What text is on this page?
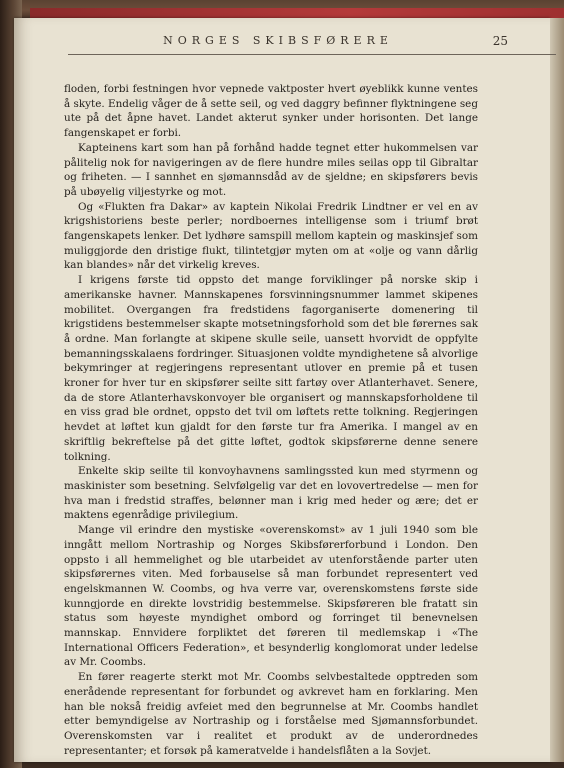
NORGES SKIBSFØRERE	25

floden, forbi festningen hvor vepnede vaktposter hvert øyeblikk kunne ventes å skyte. Endelig våger de å sette seil, og ved daggry befinner flyktningene seg ute på det åpne havet. Landet akterut synker under horisonten. Det lange fangenskapet er forbi.

Kapteinens kart som han på forhånd hadde tegnet etter hukommelsen var pålitelig nok for navigeringen av de flere hundre miles seilas opp til Gibraltar og friheten. — I sannhet en sjømannsdåd av de sjeldne; en skipsførers bevis på ubøyelig viljestyrke og mot.

Og «Flukten fra Dakar» av kaptein Nikolai Fredrik Lindtner er vel en av krigshistoriens beste perler; nordboernes intelligense som i triumf brøt fangenskapets lenker. Det lydhøre samspill mellom kaptein og maskinsjef som muliggjorde den dristige flukt, tilintetgjør myten om at «olje og vann dårlig kan blandes» når det virkelig kreves.

I krigens første tid oppsto det mange forviklinger på norske skip i amerikanske havner. Mannskapenes forsvinningsnummer lammet skipenes mobilitet. Overgangen fra fredstidens fagorganiserte domenering til krigstidens bestemmelser skapte motsetningsforhold som det ble førernes sak å ordne. Man forlangte at skipene skulle seile, uansett hvorvidt de oppfylte bemanningsskalaens fordringer. Situasjonen voldte myndighetene så alvorlige bekymringer at regjeringens representant utlover en premie på et tusen kroner for hver tur en skipsfører seilte sitt fartøy over Atlanterhavet. Senere, da de store Atlanterhavskonvoyer ble organisert og mannskapsforholdene til en viss grad ble ordnet, oppsto det tvil om løftets rette tolkning. Regjeringen hevdet at løftet kun gjaldt for den første tur fra Amerika. I mangel av en skriftlig bekreftelse på det gitte løftet, godtok skipsførerne denne senere tolkning.

Enkelte skip seilte til konvoyhavnens samlingssted kun med styrmenn og maskinister som besetning. Selvfølgelig var det en lovovertredelse — men for hva man i fredstid straffes, belønner man i krig med heder og ære; det er maktens egenrådige privilegium.

Mange vil erindre den mystiske «overenskomst» av 1 juli 1940 som ble inngått mellom Nortraship og Norges Skibsførerforbund i London. Den oppsto i all hemmelighet og ble utarbeidet av utenforstående parter uten skipsførernes viten. Med forbauselse så man forbundet representert ved engelskmannen W. Coombs, og hva verre var, overenskomstens første side kunngjorde en direkte lovstridig bestemmelse. Skipsføreren ble fratatt sin status som høyeste myndighet ombord og forringet til benevnelsen mannskap. Ennvidere forpliktet det føreren til medlemskap i «The International Officers Federation», et besynderlig konglomorat under ledelse av Mr. Coombs.

En fører reagerte sterkt mot Mr. Coombs selvbestaltede opptreden som enerådende representant for forbundet og avkrevet ham en forklaring. Men han ble nokså freidig avfeiet med den begrunnelse at Mr. Coombs handlet etter bemyndigelse av Nortraship og i forståelse med Sjømannsforbundet. Overenskomsten var i realitet et produkt av de underordnedes representanter; et forsøk på kameratvelde i handelsflåten a la Sovjet.
